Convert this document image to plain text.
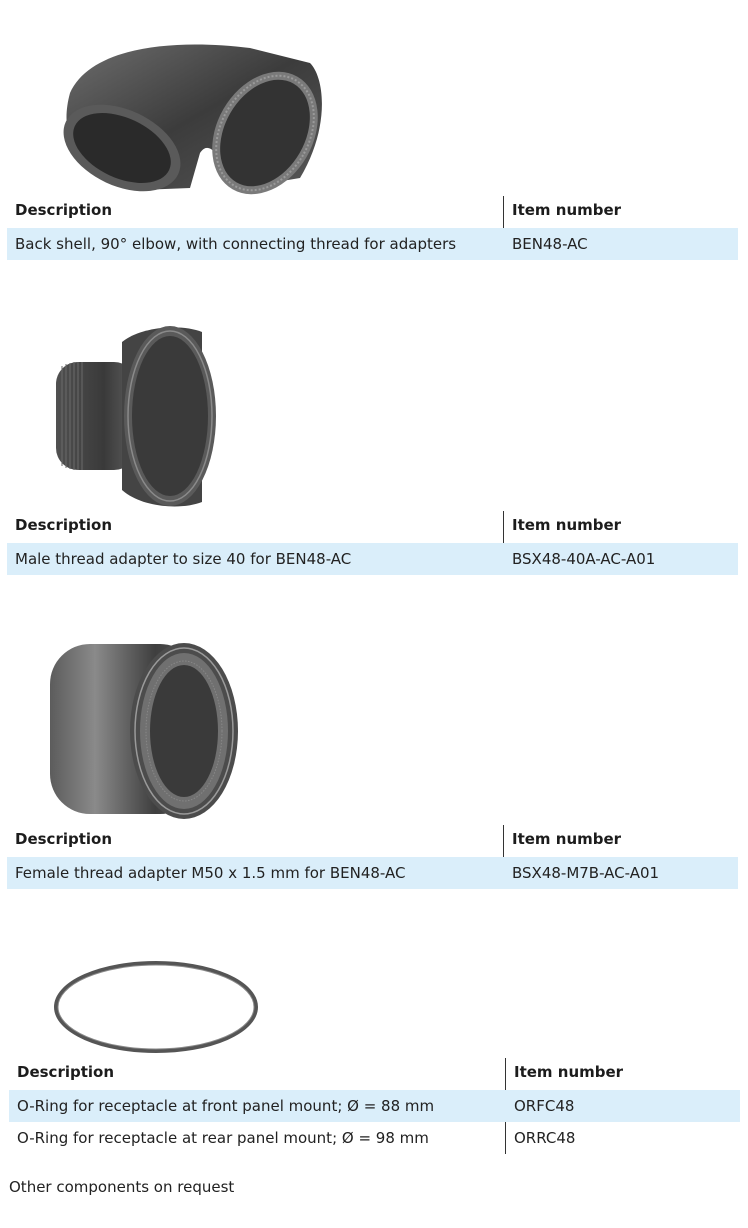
Description	Item number
Back shell, 90° elbow, with connecting thread for adapters	BEN48-AC
Description	Item number
Male thread adapter to size 40 for BEN48-AC	BSX48-40A-AC-A01
Description	Item number
Female thread adapter M50 x 1.5 mm for BEN48-AC	BSX48-M7B-AC-A01
Description	Item number
O-Ring for receptacle at front panel mount; Ø = 88 mm	ORFC48
O-Ring for receptacle at rear panel mount; Ø = 98 mm	ORRC48
Other components on request
